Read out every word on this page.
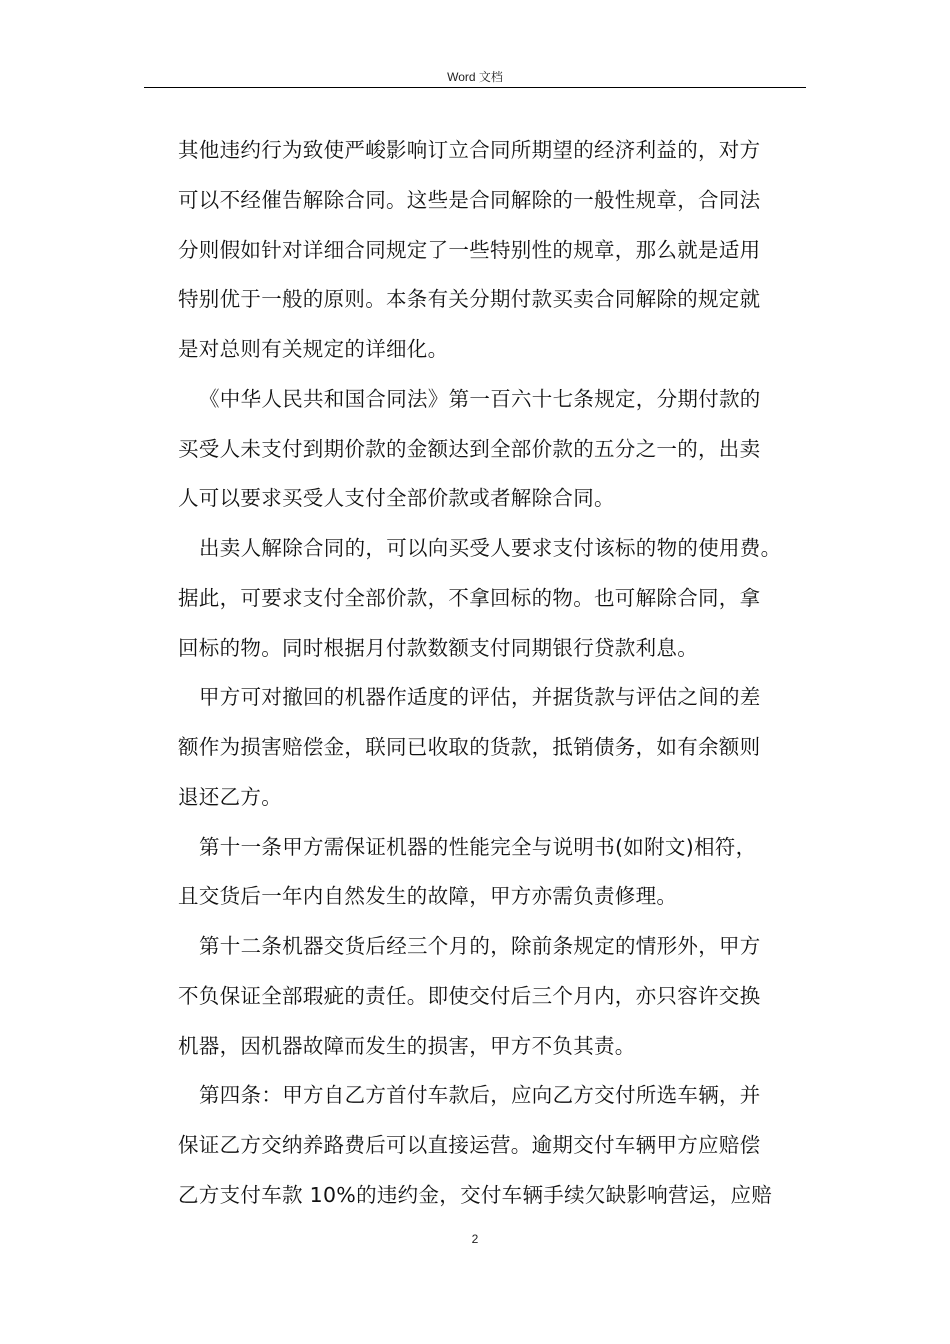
Word 文档
其他违约行为致使严峻影响订立合同所期望的经济利益的，对方
可以不经催告解除合同。这些是合同解除的一般性规章，合同法
分则假如针对详细合同规定了一些特别性的规章，那么就是适用
特别优于一般的原则。本条有关分期付款买卖合同解除的规定就
是对总则有关规定的详细化。
《中华人民共和国合同法》第一百六十七条规定，分期付款的
买受人未支付到期价款的金额达到全部价款的五分之一的，出卖
人可以要求买受人支付全部价款或者解除合同。
出卖人解除合同的，可以向买受人要求支付该标的物的使用费。
据此，可要求支付全部价款，不拿回标的物。也可解除合同，拿
回标的物。同时根据月付款数额支付同期银行贷款利息。
甲方可对撤回的机器作适度的评估，并据货款与评估之间的差
额作为损害赔偿金，联同已收取的货款，抵销债务，如有余额则
退还乙方。
第十一条甲方需保证机器的性能完全与说明书(如附文)相符，
且交货后一年内自然发生的故障，甲方亦需负责修理。
第十二条机器交货后经三个月的，除前条规定的情形外，甲方
不负保证全部瑕疵的责任。即使交付后三个月内，亦只容许交换
机器，因机器故障而发生的损害，甲方不负其责。
第四条：甲方自乙方首付车款后，应向乙方交付所选车辆，并
保证乙方交纳养路费后可以直接运营。逾期交付车辆甲方应赔偿
乙方支付车款 10%的违约金，交付车辆手续欠缺影响营运，应赔
2
